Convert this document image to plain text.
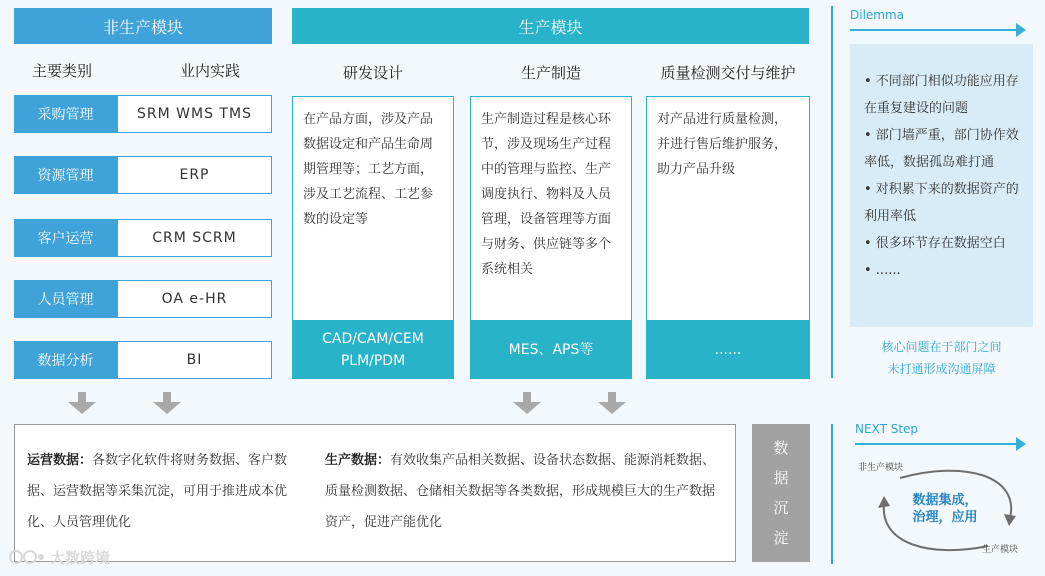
非生产模块	生产模块
主要类别	业内实践
采购管理	SRM WMS TMS
资源管理	ERP
客户运营	CRM SCRM
人员管理	OA e-HR
数据分析	BI
研发设计	生产制造	质量检测交付与维护
在产品方面，涉及产品数据设定和产品生命周期管理等；工艺方面，涉及工艺流程、工艺参数的设定等
CAD/CAM/CEM
PLM/PDM
生产制造过程是核心环节，涉及现场生产过程中的管理与监控、生产调度执行、物料及人员管理，设备管理等方面与财务、供应链等多个系统相关
MES、APS等
对产品进行质量检测，并进行售后维护服务，助力产品升级
......
运营数据：各数字化软件将财务数据、客户数据、运营数据等采集沉淀，可用于推进成本优化、人员管理优化
生产数据：有效收集产品相关数据、设备状态数据、能源消耗数据、质量检测数据、仓储相关数据等各类数据，形成规模巨大的生产数据资产，促进产能优化
数
据
沉
淀
Dilemma
• 不同部门相似功能应用存在重复建设的问题
• 部门墙严重，部门协作效率低，数据孤岛难打通
• 对积累下来的数据资产的利用率低
• 很多环节存在数据空白
• ......
核心问题在于部门之间
未打通形成沟通屏障
NEXT Step
非生产模块
数据集成，
治理，应用
生产模块
大数跨境
